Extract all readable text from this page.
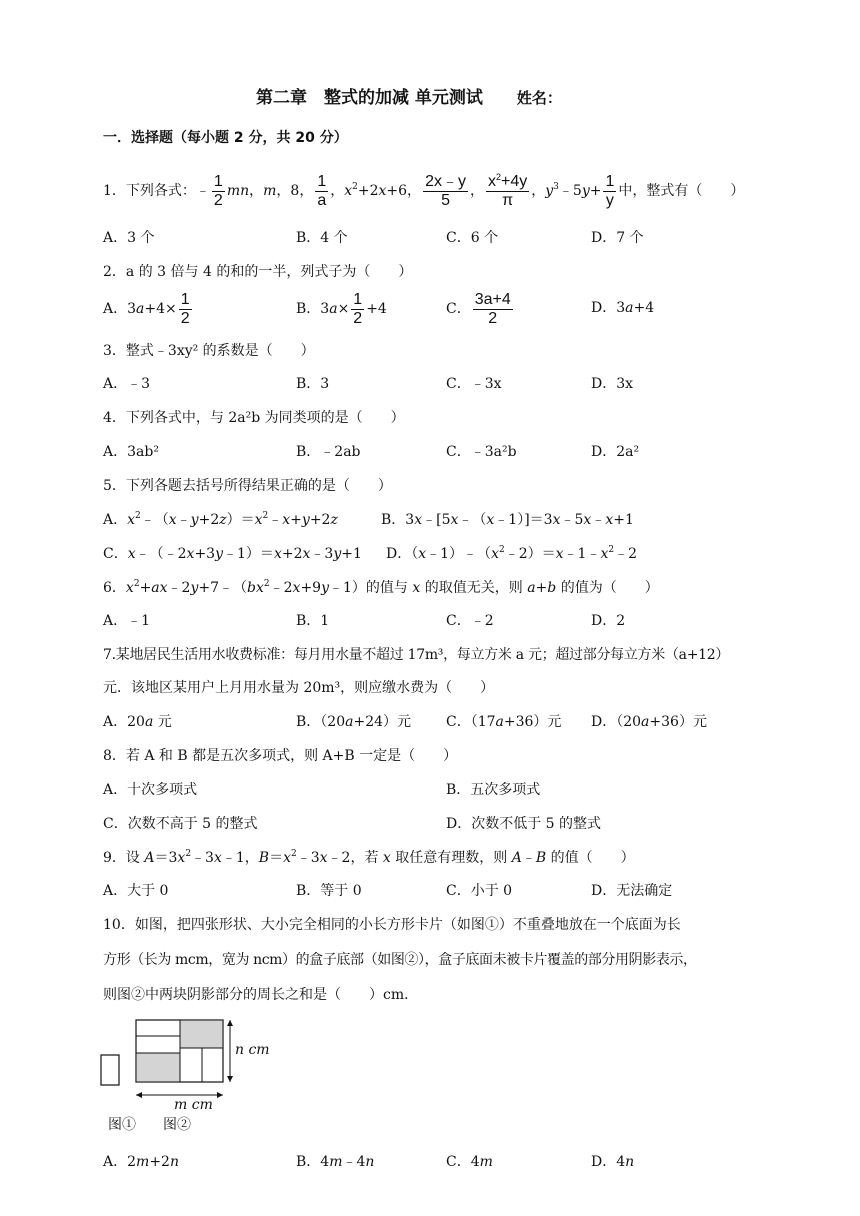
第二章　整式的加减 单元测试 姓名：
一．选择题（每小题 2 分，共 20 分）
1．下列各式：﹣ $\frac{1}{2}$ mn，m，8， $\frac{1}{a}$ ，$x^2+2x+6$， $\frac{2x﹣y}{5}$ ， $\frac{x^2+4y}{\pi}$ ，$y^3﹣5y+ \frac{1}{y}$ 中，整式有（　　）
A．3 个	B．4 个	C．6 个	D．7 个
2．a 的 3 倍与 4 的和的一半，列式子为（　　）
A．$3a+4\times \frac{1}{2}$	B．$3a\times \frac{1}{2} +4$	C． $\frac{3a+4}{2}$	D．3a+4
3．整式﹣3xy² 的系数是（　　）
A．﹣3	B．3	C．﹣3x	D．3x
4．下列各式中，与 2a²b 为同类项的是（　　）
A．3ab²	B．﹣2ab	C．﹣3a²b	D．2a²
5．下列各题去括号所得结果正确的是（　　）
A．$x^2﹣(x﹣y+2z)=x^2﹣x+y+2z$	B．3x﹣[5x﹣（x﹣1）]＝3x﹣5x﹣x+1
C．x﹣（﹣2x+3y﹣1）＝x+2x﹣3y+1 D．$(x﹣1)﹣(x^2﹣2)=x﹣1﹣x^2﹣2$
6．$x^2+ax﹣2y+7﹣(bx^2﹣2x+9y﹣1)$的值与 x 的取值无关，则 a+b 的值为（　　）
A．﹣1	B．1	C．﹣2	D．2
7.某地居民生活用水收费标准：每月用水量不超过 17m³，每立方米 a 元；超过部分每立方米（a+12）
元．该地区某用户上月用水量为 20m³，则应缴水费为（　　）
A．20a 元	B．（20a+24）元 C．（17a+36）元 D．（20a+36）元
8．若 A 和 B 都是五次多项式，则 A+B 一定是（　　）
A．十次多项式	B．五次多项式
C．次数不高于 5 的整式	D．次数不低于 5 的整式
9．设 $A=3x^2﹣3x﹣1$，$B=x^2﹣3x﹣2$，若 x 取任意有理数，则 A﹣B 的值（　　）
A．大于 0	B．等于 0	C．小于 0	D．无法确定
10．如图，把四张形状、大小完全相同的小长方形卡片（如图①）不重叠地放在一个底面为长
方形（长为 mcm，宽为 ncm）的盒子底部（如图②），盒子底面未被卡片覆盖的部分用阴影表示，
则图②中两块阴影部分的周长之和是（　　）cm．
n cm
m cm
图① 图②
A．2m+2n	B．4m﹣4n	C．4m	D．4n
